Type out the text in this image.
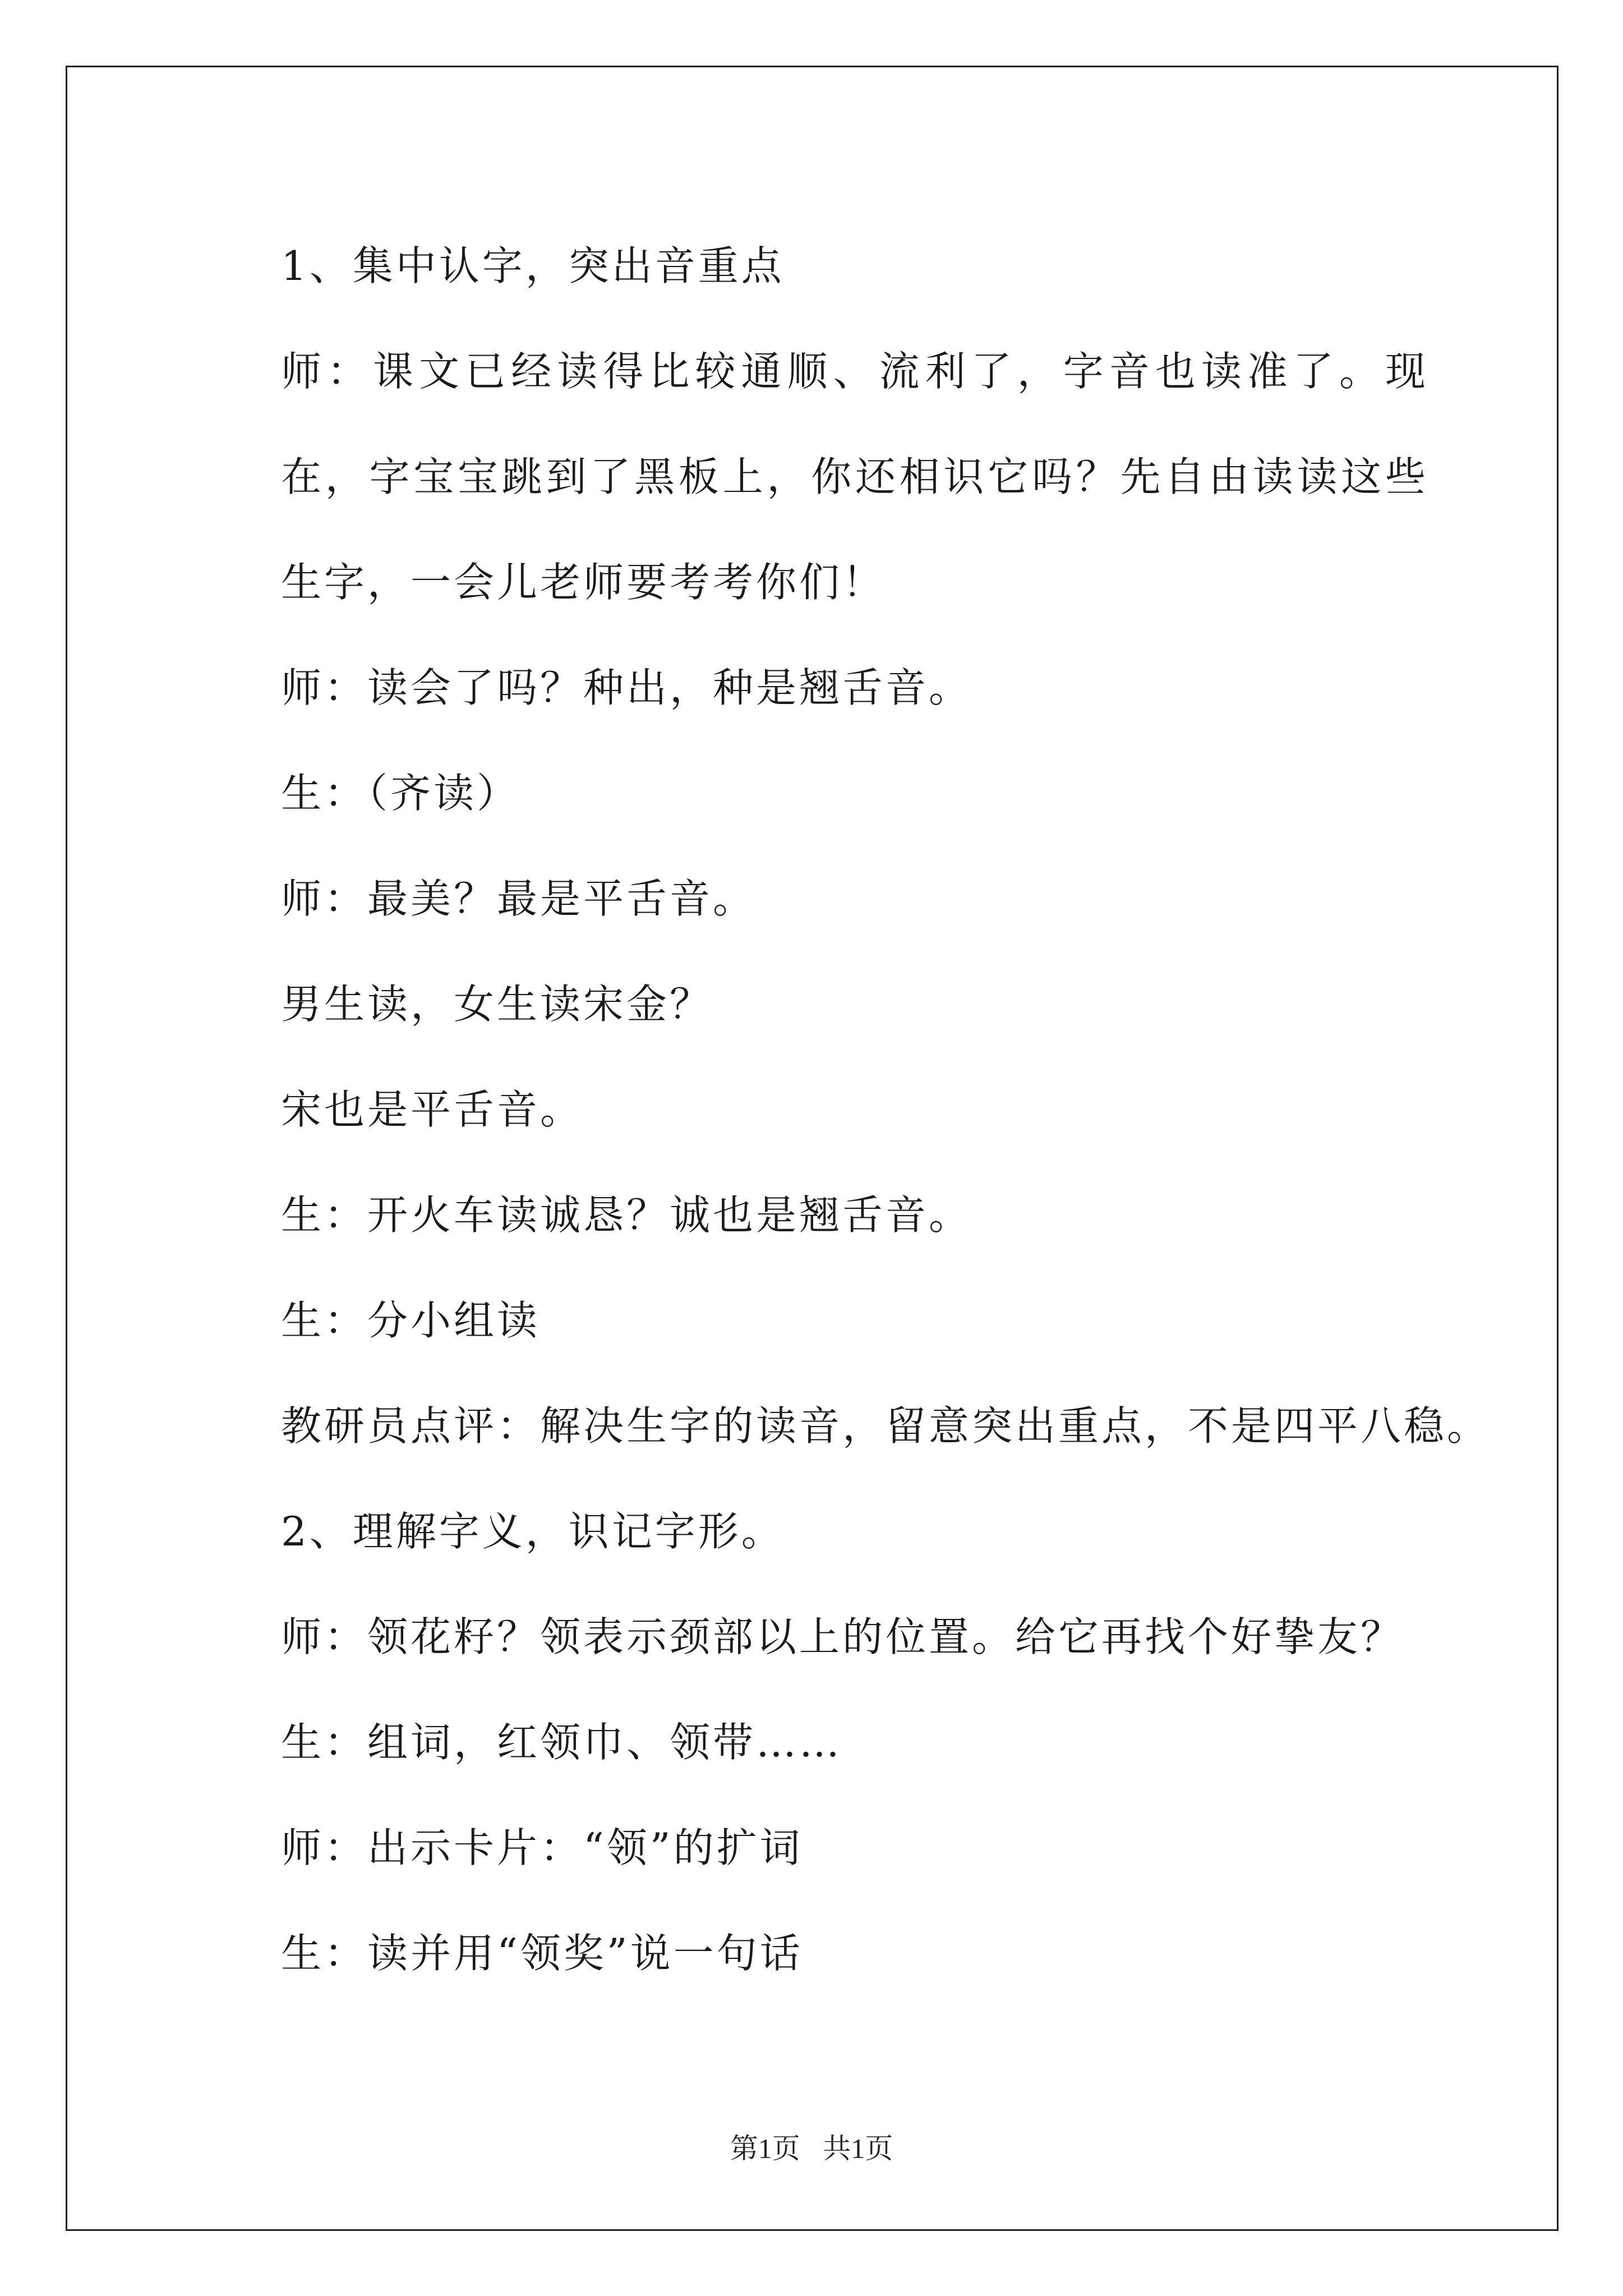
1、集中认字，突出音重点

师：课文已经读得比较通顺、流利了，字音也读准了。现在，字宝宝跳到了黑板上，你还相识它吗？先自由读读这些生字，一会儿老师要考考你们！

师：读会了吗？种出，种是翘舌音。

生：（齐读）

师：最美？最是平舌音。

男生读，女生读宋金？

宋也是平舌音。

生：开火车读诚恳？诚也是翘舌音。

生：分小组读

教研员点评：解决生字的读音，留意突出重点，不是四平八稳。

2、理解字义，识记字形。

师：领花籽？领表示颈部以上的位置。给它再找个好挚友？

生：组词，红领巾、领带……

师：出示卡片：“领”的扩词

生：读并用“领奖”说一句话

第1页 共1页
